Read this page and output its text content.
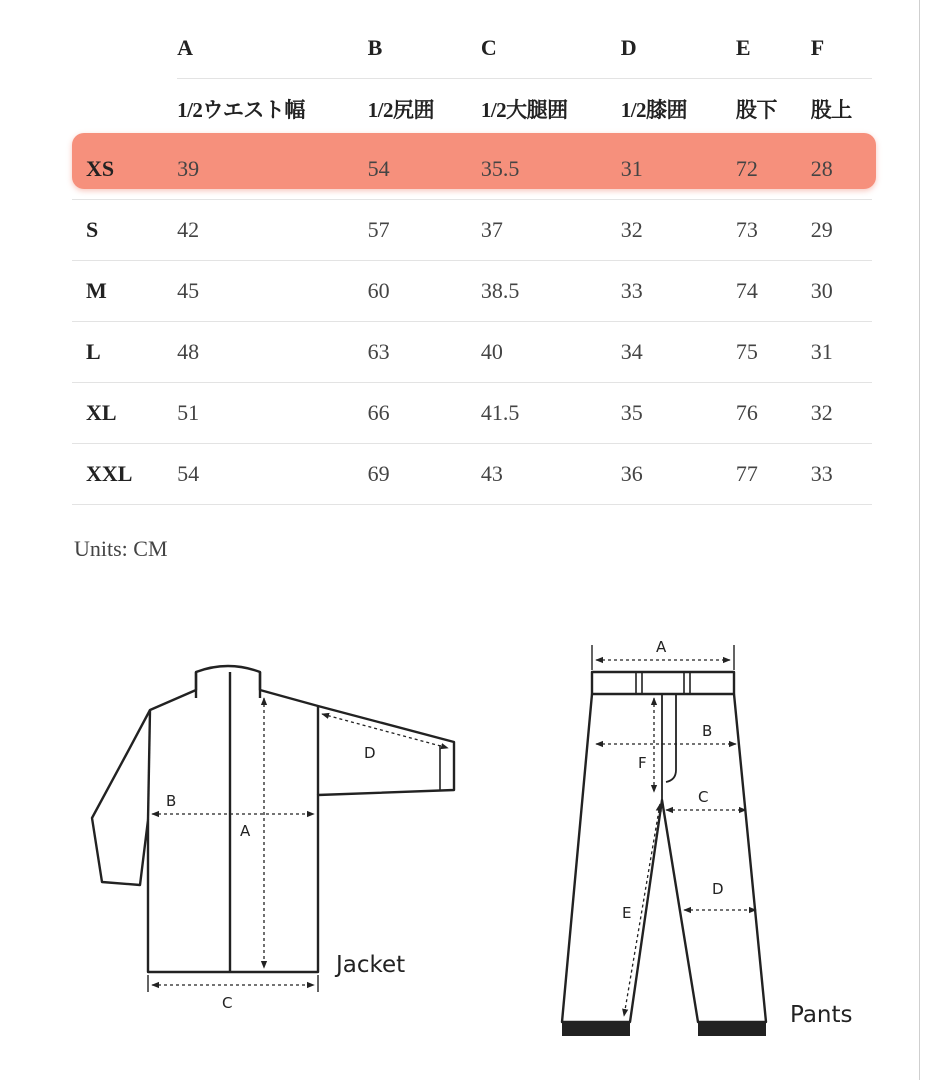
	A	B	C	D	E	F
	1/2ウエスト幅	1/2尻囲	1/2大腿囲	1/2膝囲	股下	股上
XS	39	54	35.5	31	72	28
S	42	57	37	32	73	29
M	45	60	38.5	33	74	30
L	48	63	40	34	75	31
XL	51	66	41.5	35	76	32
XXL	54	69	43	36	77	33
Units: CM
A
B
C
D
Jacket
A
B
C
D
E
F
Pants
